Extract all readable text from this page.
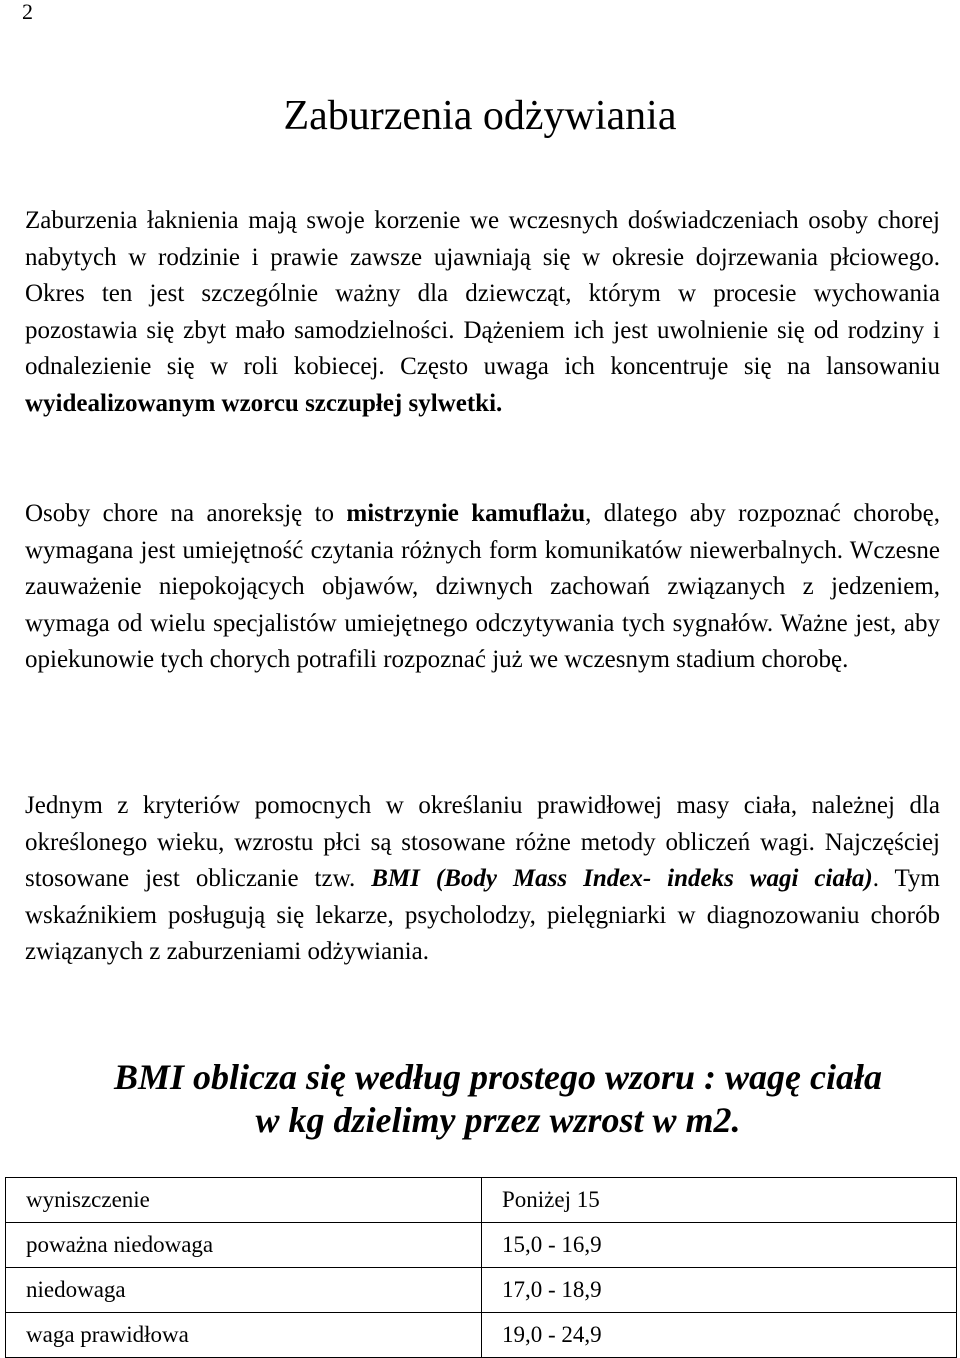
2
Zaburzenia odżywiania

Zaburzenia łaknienia mają swoje korzenie we wczesnych doświadczeniach osoby chorej nabytych w rodzinie i prawie zawsze ujawniają się w okresie dojrzewania płciowego. Okres ten jest szczególnie ważny dla dziewcząt, którym w procesie wychowania pozostawia się zbyt mało samodzielności. Dążeniem ich jest uwolnienie się od rodziny i odnalezienie się w roli kobiecej. Często uwaga ich koncentruje się na lansowaniu wyidealizowanym wzorcu szczupłej sylwetki.

Osoby chore na anoreksję to mistrzynie kamuflażu, dlatego aby rozpoznać chorobę, wymagana jest umiejętność czytania różnych form komunikatów niewerbalnych. Wczesne zauważenie niepokojących objawów, dziwnych zachowań związanych z jedzeniem, wymaga od wielu specjalistów umiejętnego odczytywania tych sygnałów. Ważne jest, aby opiekunowie tych chorych potrafili rozpoznać już we wczesnym stadium chorobę.

Jednym z kryteriów pomocnych w określaniu prawidłowej masy ciała, należnej dla określonego wieku, wzrostu płci są stosowane różne metody obliczeń wagi. Najczęściej stosowane jest obliczanie tzw. BMI (Body Mass Index- indeks wagi ciała). Tym wskaźnikiem posługują się lekarze, psycholodzy, pielęgniarki w diagnozowaniu chorób związanych z zaburzeniami odżywiania.

BMI oblicza się według prostego wzoru : wagę ciała
w kg dzielimy przez wzrost w m2.
wyniszczenie	Poniżej 15
poważna niedowaga	15,0 - 16,9
niedowaga	17,0 - 18,9
waga prawidłowa	19,0 - 24,9
